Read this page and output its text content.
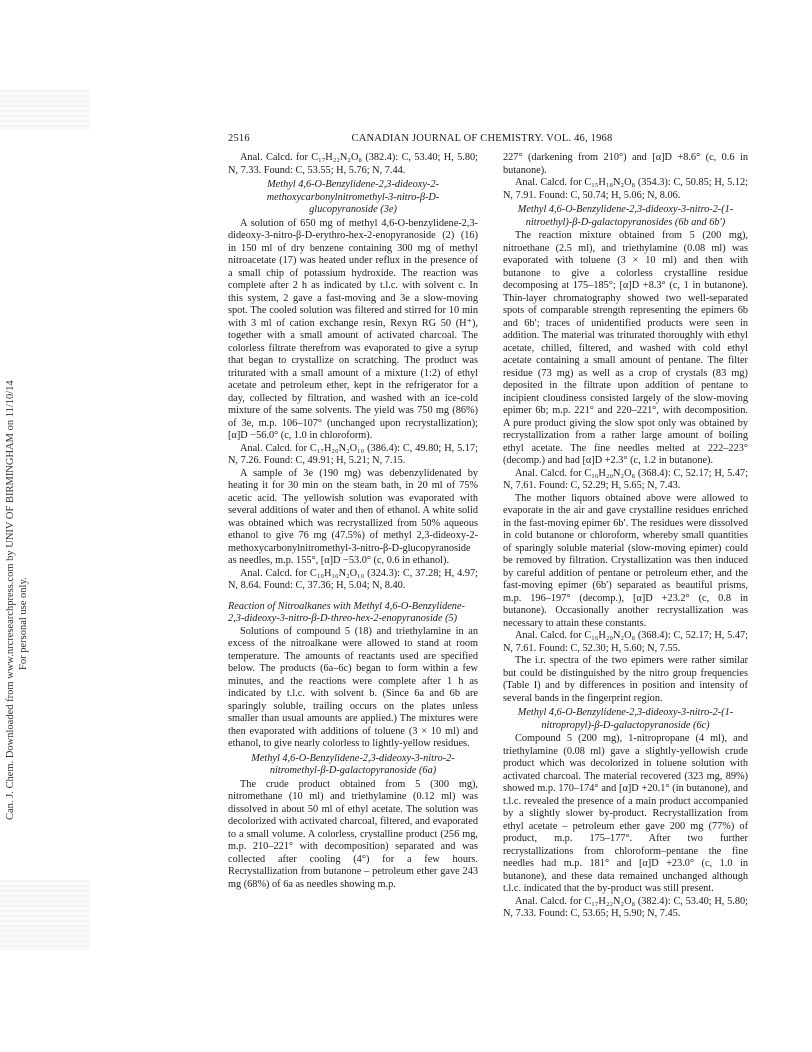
Can. J. Chem. Downloaded from www.nrcresearchpress.com by UNIV OF BIRMINGHAM on 11/10/14 For personal use only.
2516	CANADIAN JOURNAL OF CHEMISTRY. VOL. 46, 1968

Anal. Calcd. for C₁₇H₂₂N₂O₈ (382.4): C, 53.40; H, 5.80; N, 7.33. Found: C, 53.55; H, 5.76; N, 7.44.

Methyl 4,6-O-Benzylidene-2,3-dideoxy-2-methoxycarbonylnitromethyl-3-nitro-β-D-glucopyranoside (3e)

A solution of 650 mg of methyl 4,6-O-benzylidene-2,3-dideoxy-3-nitro-β-D-erythro-hex-2-enopyranoside (2) (16) in 150 ml of dry benzene containing 300 mg of methyl nitroacetate (17) was heated under reflux in the presence of a small chip of potassium hydroxide. The reaction was complete after 2 h as indicated by t.l.c. with solvent c. In this system, 2 gave a fast-moving and 3e a slow-moving spot. The cooled solution was filtered and stirred for 10 min with 3 ml of cation exchange resin, Rexyn RG 50 (H⁺), together with a small amount of activated charcoal. The colorless filtrate therefrom was evaporated to give a syrup that began to crystallize on scratching. The product was triturated with a small amount of a mixture (1:2) of ethyl acetate and petroleum ether, kept in the refrigerator for a day, collected by filtration, and washed with an ice-cold mixture of the same solvents. The yield was 750 mg (86%) of 3e, m.p. 106–107° (unchanged upon recrystallization); [α]D −56.0° (c, 1.0 in chloroform).

Anal. Calcd. for C₁₇H₂₀N₂O₁₀ (386.4): C, 49.80; H, 5.17; N, 7.26. Found: C, 49.91; H, 5.21; N, 7.15.

A sample of 3e (190 mg) was debenzylidenated by heating it for 30 min on the steam bath, in 20 ml of 75% acetic acid. The yellowish solution was evaporated with several additions of water and then of ethanol. A white solid was obtained which was recrystallized from 50% aqueous ethanol to give 76 mg (47.5%) of methyl 2,3-dideoxy-2-methoxycarbonylnitromethyl-3-nitro-β-D-glucopyranoside as needles, m.p. 155°, [α]D −53.0° (c, 0.6 in ethanol).

Anal. Calcd. for C₁₀H₁₆N₂O₁₀ (324.3): C, 37.28; H, 4.97; N, 8.64. Found: C, 37.36; H, 5.04; N, 8.40.

Reaction of Nitroalkanes with Methyl 4,6-O-Benzylidene-2,3-dideoxy-3-nitro-β-D-threo-hex-2-enopyranoside (5)

Solutions of compound 5 (18) and triethylamine in an excess of the nitroalkane were allowed to stand at room temperature. The amounts of reactants used are specified below. The products (6a–6c) began to form within a few minutes, and the reactions were complete after 1 h as indicated by t.l.c. with solvent b. (Since 6a and 6b are sparingly soluble, trailing occurs on the plates unless smaller than usual amounts are applied.) The mixtures were then evaporated with additions of toluene (3 × 10 ml) and ethanol, to give nearly colorless to lightly-yellow residues.

Methyl 4,6-O-Benzylidene-2,3-dideoxy-3-nitro-2-nitromethyl-β-D-galactopyranoside (6a)

The crude product obtained from 5 (300 mg), nitromethane (10 ml) and triethylamine (0.12 ml) was dissolved in about 50 ml of ethyl acetate. The solution was decolorized with activated charcoal, filtered, and evaporated to a small volume. A colorless, crystalline product (256 mg, m.p. 210–221° with decomposition) separated and was collected after cooling (4°) for a few hours. Recrystallization from butanone – petroleum ether gave 243 mg (68%) of 6a as needles showing m.p.

227° (darkening from 210°) and [α]D +8.6° (c, 0.6 in butanone).

Anal. Calcd. for C₁₅H₁₈N₂O₈ (354.3): C, 50.85; H, 5.12; N, 7.91. Found: C, 50.74; H, 5.06; N, 8.06.

Methyl 4,6-O-Benzylidene-2,3-dideoxy-3-nitro-2-(1-nitroethyl)-β-D-galactopyranosides (6b and 6b′)

The reaction mixture obtained from 5 (200 mg), nitroethane (2.5 ml), and triethylamine (0.08 ml) was evaporated with toluene (3 × 10 ml) and then with butanone to give a colorless crystalline residue decomposing at 175–185°; [α]D +8.3° (c, 1 in butanone). Thin-layer chromatography showed two well-separated spots of comparable strength representing the epimers 6b and 6b′; traces of unidentified products were seen in addition. The material was triturated thoroughly with ethyl acetate, chilled, filtered, and washed with cold ethyl acetate containing a small amount of pentane. The filter residue (73 mg) as well as a crop of crystals (83 mg) deposited in the filtrate upon addition of pentane to incipient cloudiness consisted largely of the slow-moving epimer 6b; m.p. 221° and 220–221°, with decomposition. A pure product giving the slow spot only was obtained by recrystallization from a rather large amount of boiling ethyl acetate. The fine needles melted at 222–223° (decomp.) and had [α]D +2.3° (c, 1.2 in butanone).

Anal. Calcd. for C₁₆H₂₀N₂O₈ (368.4): C, 52.17; H, 5.47; N, 7.61. Found: C, 52.29; H, 5.65; N, 7.43.

The mother liquors obtained above were allowed to evaporate in the air and gave crystalline residues enriched in the fast-moving epimer 6b′. The residues were dissolved in cold butanone or chloroform, whereby small quantities of sparingly soluble material (slow-moving epimer) could be removed by filtration. Crystallization was then induced by careful addition of pentane or petroleum ether, and the fast-moving epimer (6b′) separated as beautiful prisms, m.p. 196–197° (decomp.), [α]D +23.2° (c, 0.8 in butanone). Occasionally another recrystallization was necessary to attain these constants.

Anal. Calcd. for C₁₆H₂₀N₂O₈ (368.4): C, 52.17; H, 5.47; N, 7.61. Found: C, 52.30; H, 5.60; N, 7.55.

The i.r. spectra of the two epimers were rather similar but could be distinguished by the nitro group frequencies (Table I) and by differences in position and intensity of several bands in the fingerprint region.

Methyl 4,6-O-Benzylidene-2,3-dideoxy-3-nitro-2-(1-nitropropyl)-β-D-galactopyranoside (6c)

Compound 5 (200 mg), 1-nitropropane (4 ml), and triethylamine (0.08 ml) gave a slightly-yellowish crude product which was decolorized in toluene solution with activated charcoal. The material recovered (323 mg, 89%) showed m.p. 170–174° and [α]D +20.1° (in butanone), and t.l.c. revealed the presence of a main product accompanied by a slightly slower by-product. Recrystallization from ethyl acetate – petroleum ether gave 200 mg (77%) of product, m.p. 175–177°. After two further recrystallizations from chloroform–pentane the fine needles had m.p. 181° and [α]D +23.0° (c, 1.0 in butanone), and these data remained unchanged although t.l.c. indicated that the by-product was still present.

Anal. Calcd. for C₁₇H₂₂N₂O₈ (382.4): C, 53.40; H, 5.80; N, 7.33. Found: C, 53.65; H, 5.90; N, 7.45.
